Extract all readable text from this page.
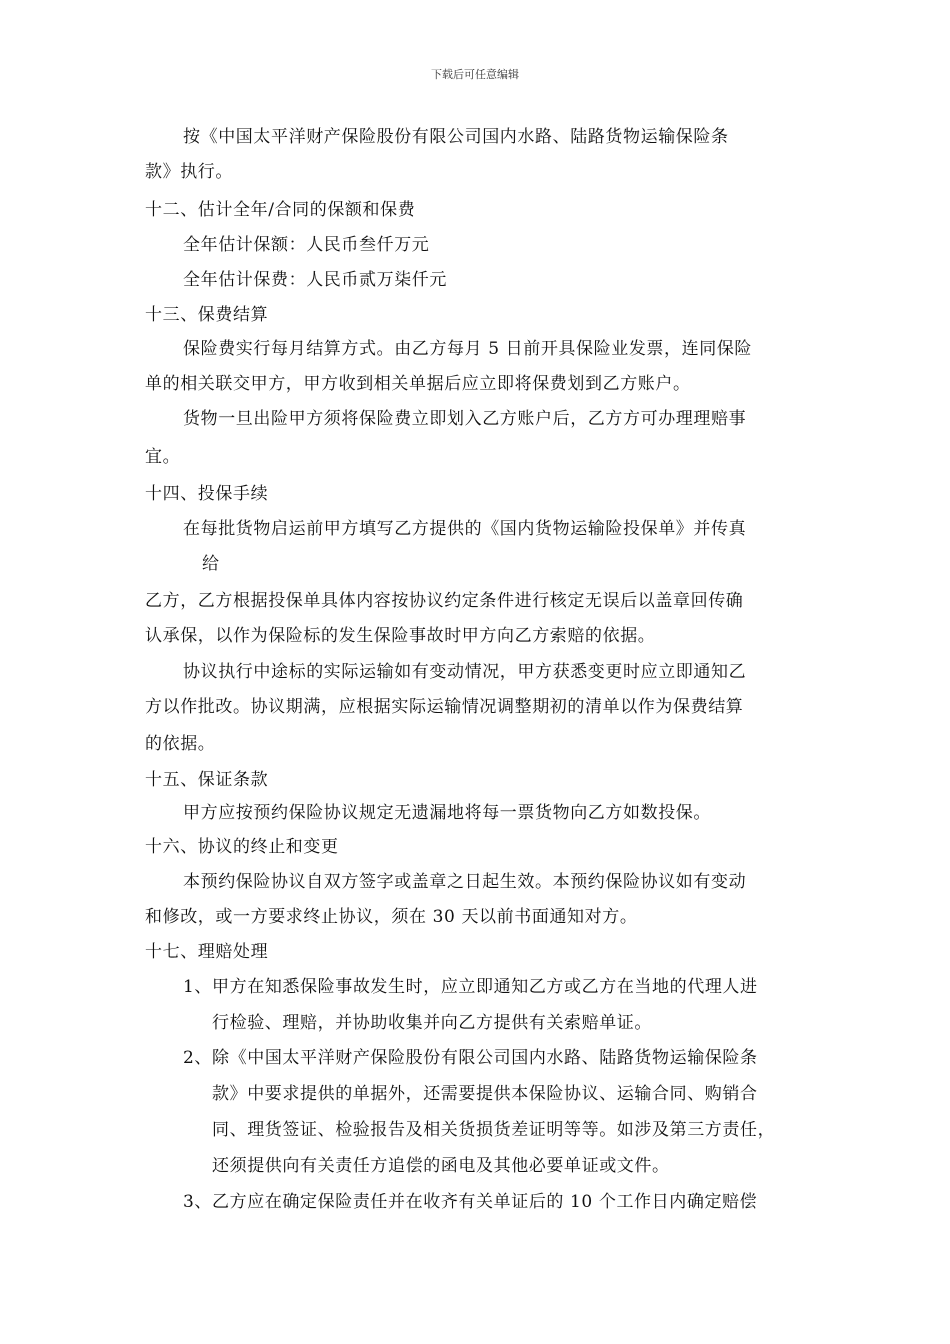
下载后可任意编辑
按《中国太平洋财产保险股份有限公司国内水路、陆路货物运输保险条
款》执行。
十二、估计全年/合同的保额和保费
全年估计保额：人民币叁仟万元
全年估计保费：人民币贰万柒仟元
十三、保费结算
保险费实行每月结算方式。由乙方每月 5 日前开具保险业发票，连同保险
单的相关联交甲方，甲方收到相关单据后应立即将保费划到乙方账户。
货物一旦出险甲方须将保险费立即划入乙方账户后，乙方方可办理理赔事
宜。
十四、投保手续
在每批货物启运前甲方填写乙方提供的《国内货物运输险投保单》并传真
给
乙方，乙方根据投保单具体内容按协议约定条件进行核定无误后以盖章回传确
认承保，以作为保险标的发生保险事故时甲方向乙方索赔的依据。
协议执行中途标的实际运输如有变动情况，甲方获悉变更时应立即通知乙
方以作批改。协议期满，应根据实际运输情况调整期初的清单以作为保费结算
的依据。
十五、保证条款
甲方应按预约保险协议规定无遗漏地将每一票货物向乙方如数投保。
十六、协议的终止和变更
本预约保险协议自双方签字或盖章之日起生效。本预约保险协议如有变动
和修改，或一方要求终止协议，须在 30 天以前书面通知对方。
十七、理赔处理
1、甲方在知悉保险事故发生时，应立即通知乙方或乙方在当地的代理人进
行检验、理赔，并协助收集并向乙方提供有关索赔单证。
2、除《中国太平洋财产保险股份有限公司国内水路、陆路货物运输保险条
款》中要求提供的单据外，还需要提供本保险协议、运输合同、购销合
同、理货签证、检验报告及相关货损货差证明等等。如涉及第三方责任，
还须提供向有关责任方追偿的函电及其他必要单证或文件。
3、乙方应在确定保险责任并在收齐有关单证后的 10 个工作日内确定赔偿
